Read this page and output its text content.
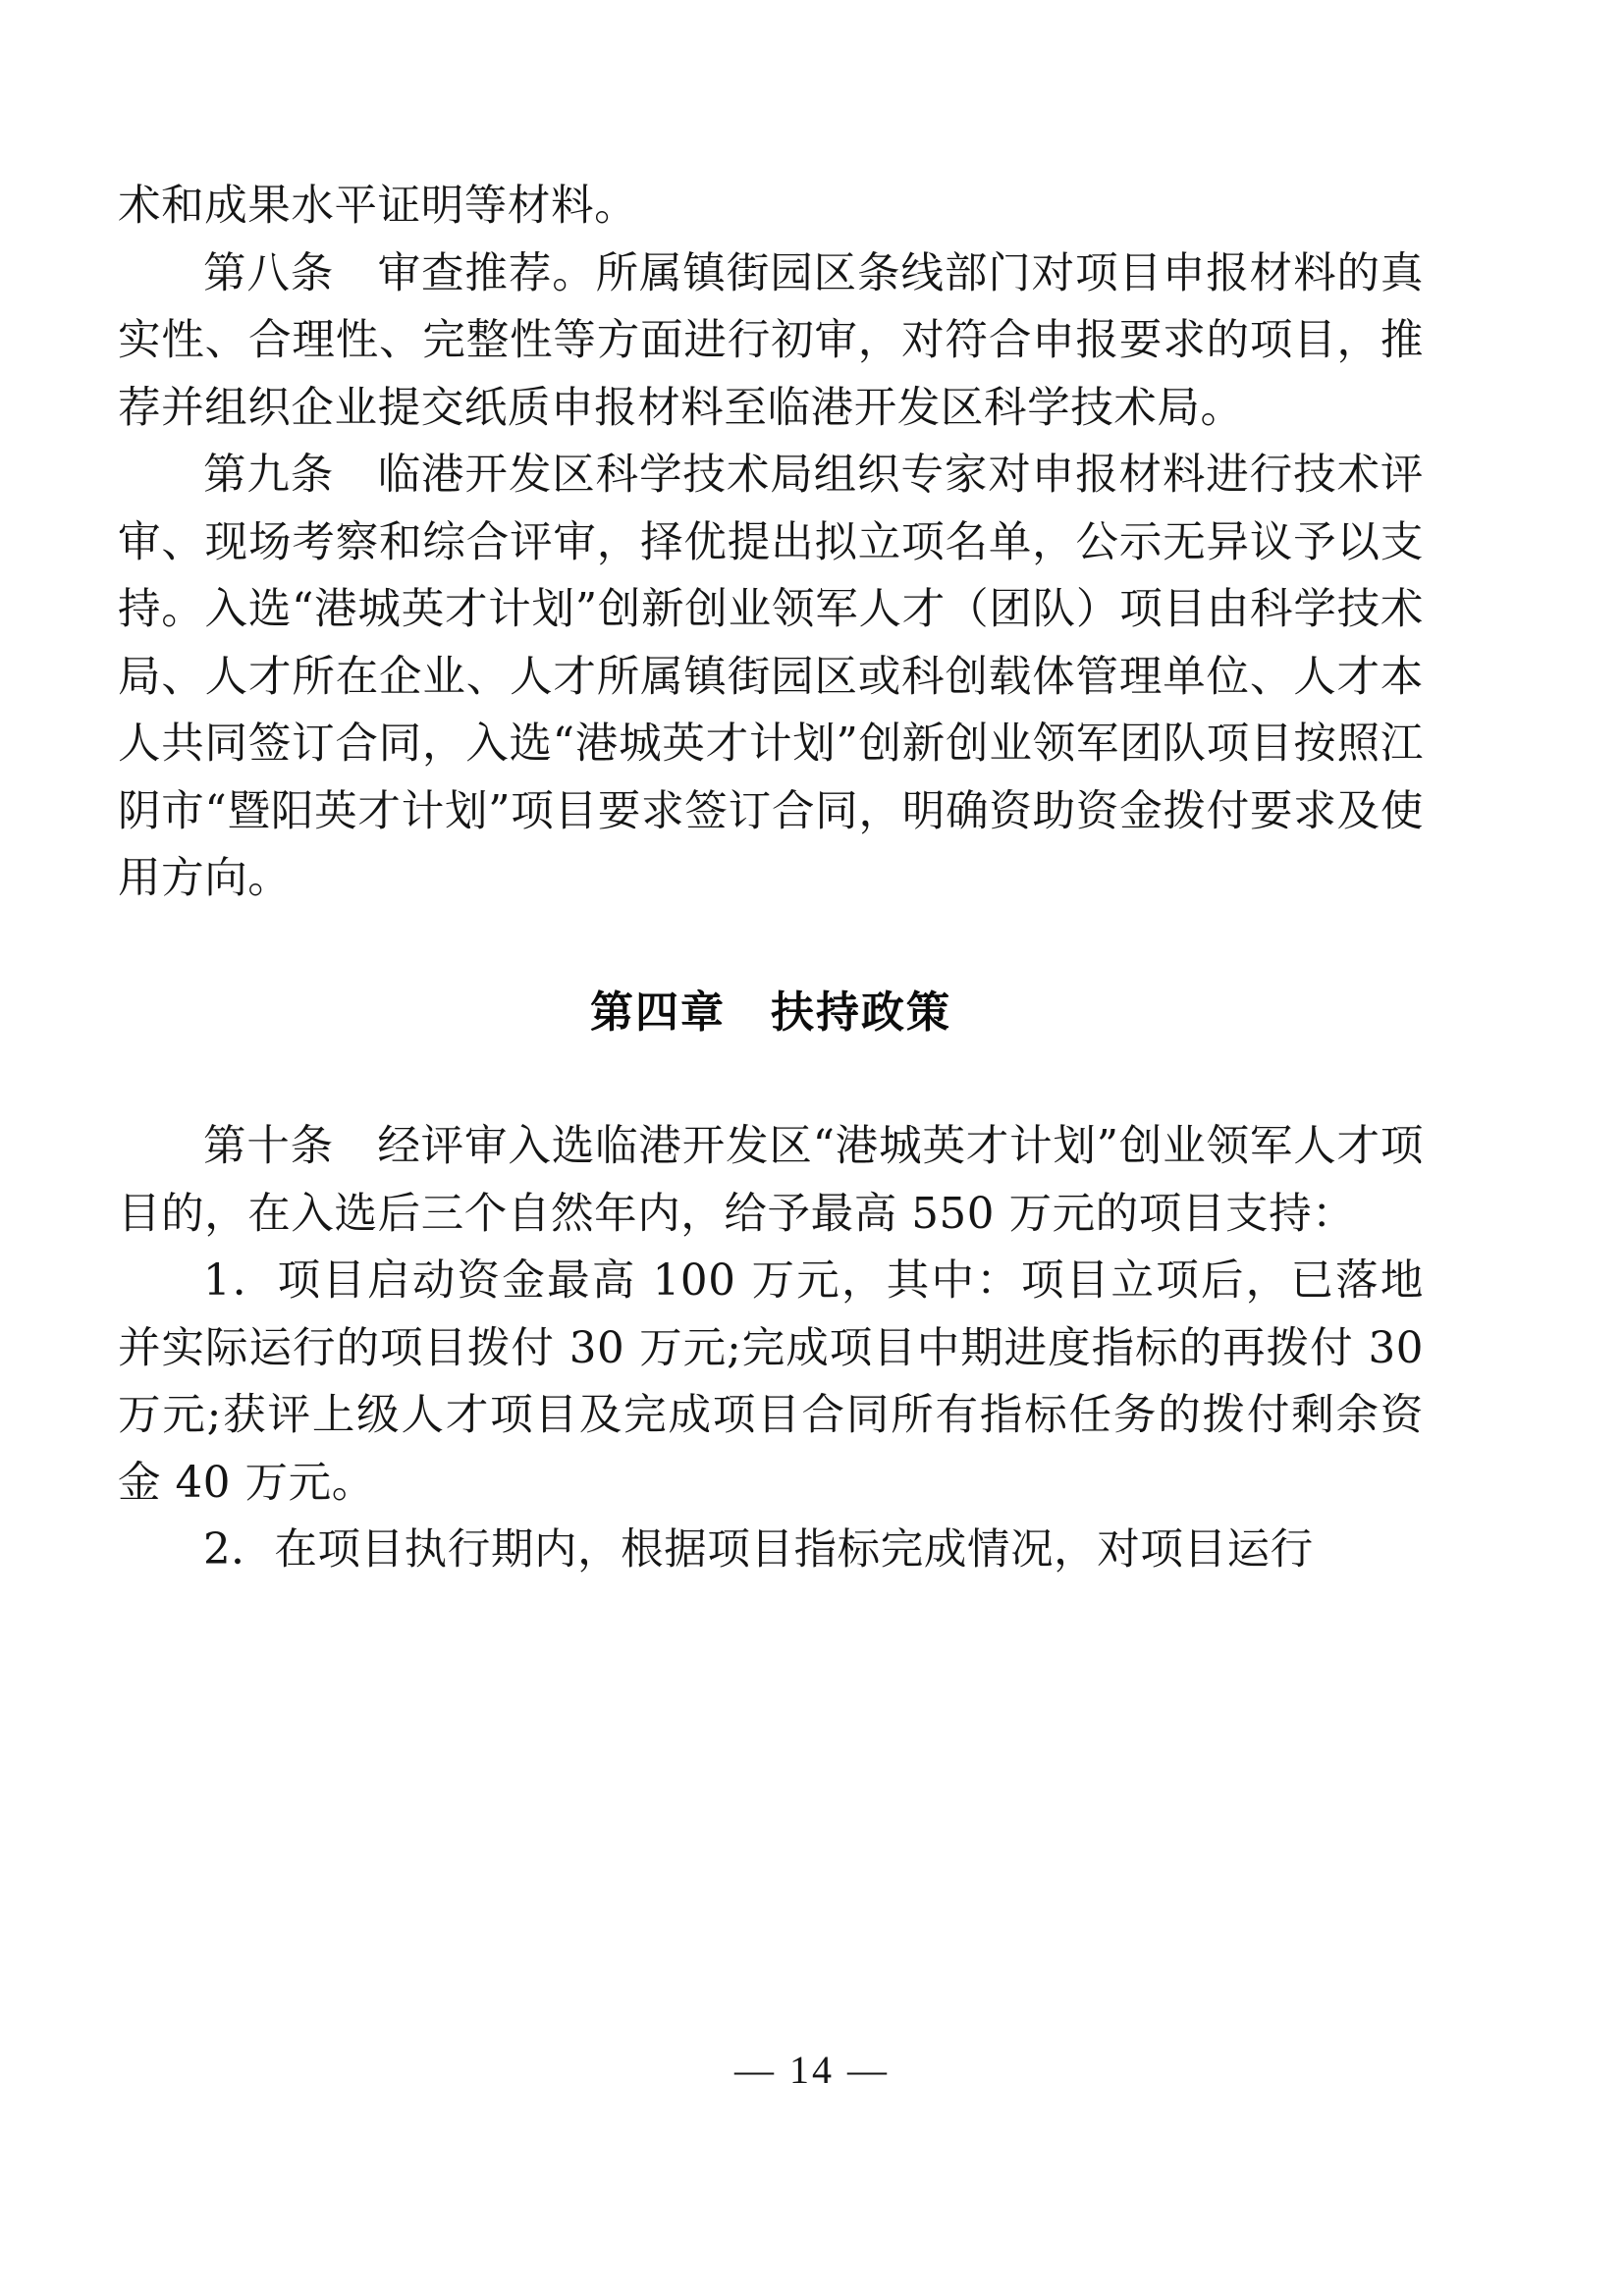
术和成果水平证明等材料。

第八条　审查推荐。所属镇街园区条线部门对项目申报材料的真实性、合理性、完整性等方面进行初审，对符合申报要求的项目，推荐并组织企业提交纸质申报材料至临港开发区科学技术局。

第九条　临港开发区科学技术局组织专家对申报材料进行技术评审、现场考察和综合评审，择优提出拟立项名单，公示无异议予以支持。入选“港城英才计划”创新创业领军人才（团队）项目由科学技术局、人才所在企业、人才所属镇街园区或科创载体管理单位、人才本人共同签订合同，入选“港城英才计划”创新创业领军团队项目按照江阴市“暨阳英才计划”项目要求签订合同，明确资助资金拨付要求及使用方向。

第四章　扶持政策

第十条　经评审入选临港开发区“港城英才计划”创业领军人才项目的，在入选后三个自然年内，给予最高 550 万元的项目支持：

1．项目启动资金最高 100 万元，其中：项目立项后，已落地并实际运行的项目拨付 30 万元;完成项目中期进度指标的再拨付 30 万元;获评上级人才项目及完成项目合同所有指标任务的拨付剩余资金 40 万元。

2．在项目执行期内，根据项目指标完成情况，对项目运行

— 14 —
